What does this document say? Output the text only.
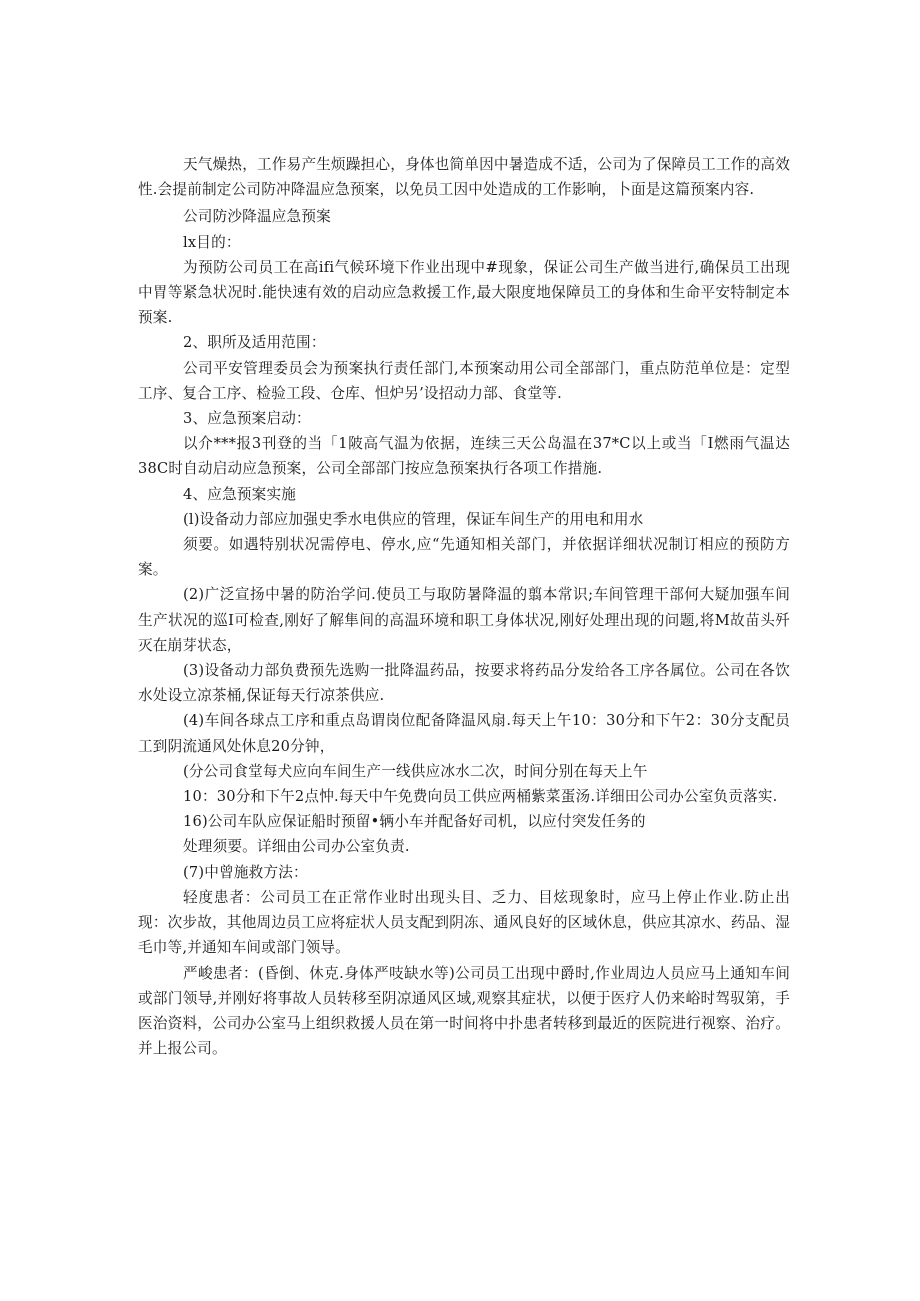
天气燥热，工作易产生烦躁担心，身体也简单因中暑造成不适，公司为了保障员工工作的高效性.会提前制定公司防冲降温应急预案，以免员工因中处造成的工作影响，卜面是这篇预案内容.

公司防沙降温应急预案

lx目的：

为预防公司员工在高ifi气候环境下作业出现中#现象，保证公司生产做当进行,确保员工出现中胃等紧急状况时.能快速有效的启动应急救援工作,最大限度地保障员工的身体和生命平安特制定本预案.

2、职所及适用范围：

公司平安管理委员会为预案执行责任部门,本预案动用公司全部部门，重点防范单位是：定型工序、复合工序、检验工段、仓库、怛炉另’设招动力部、食堂等.

3、应急预案启动：

以介***报3刊登的当「1陂高气温为依据，连续三天公岛温在37*C以上或当「I燃雨气温达38C时自动启动应急预案，公司全部部门按应急预案执行各项工作措施.

4、应急预案实施

(l)设备动力部应加强史季水电供应的管理，保证车间生产的用电和用水

须要。如遇特别状况需停电、停水,应“先通知相关部门，并依据详细状况制订相应的预防方案。

(2)广泛宣扬中暑的防治学问.使员工与取防暑降温的翦本常识;车间管理干部何大疑加强车间生产状况的巡I可检查,刚好了解隼间的高温环境和职工身体状况,刚好处理出现的问题,将M故苗头歼灭在崩芽状态，

(3)设备动力部负费预先选购一批降温药品，按要求将药品分发给各工序各属位。公司在各饮水处设立凉茶桶,保证每天行凉茶供应.

(4)车间各球点工序和重点岛谓岗位配备降温风扇.每天上午10：30分和下午2：30分支配员工到阴流通风处休息20分钟，

(分公司食堂每犬应向车间生产一线供应冰水二次，时间分别在每天上午

10：30分和下午2点忡.每天中午免费向员工供应两桶紫菜蛋汤.详细田公司办公室负贡落实.

16)公司车队应保证船时预留•辆小车并配备好司机，以应付突发任务的

处理须要。详细由公司办公室负责.

(7)中曾施救方法：

轻度患者：公司员工在正常作业时出现头目、乏力、目炫现象时，应马上停止作业.防止出现：次步故，其他周边员工应将症状人员支配到阴冻、通风良好的区域休息，供应其凉水、药品、湿毛巾等,并通知车间或部门领导。

严峻患者：(昏倒、休克.身体严吱缺水等)公司员工出现中爵时,作业周边人员应马上通知车间或部门领导,并刚好将事故人员转移至阴凉通风区域,观察其症状，以便于医疗人仍来峪时驾驭第，手医治资料，公司办公室马上组织救援人员在第一时间将中扑患者转移到最近的医院进行视察、治疗。并上报公司。
